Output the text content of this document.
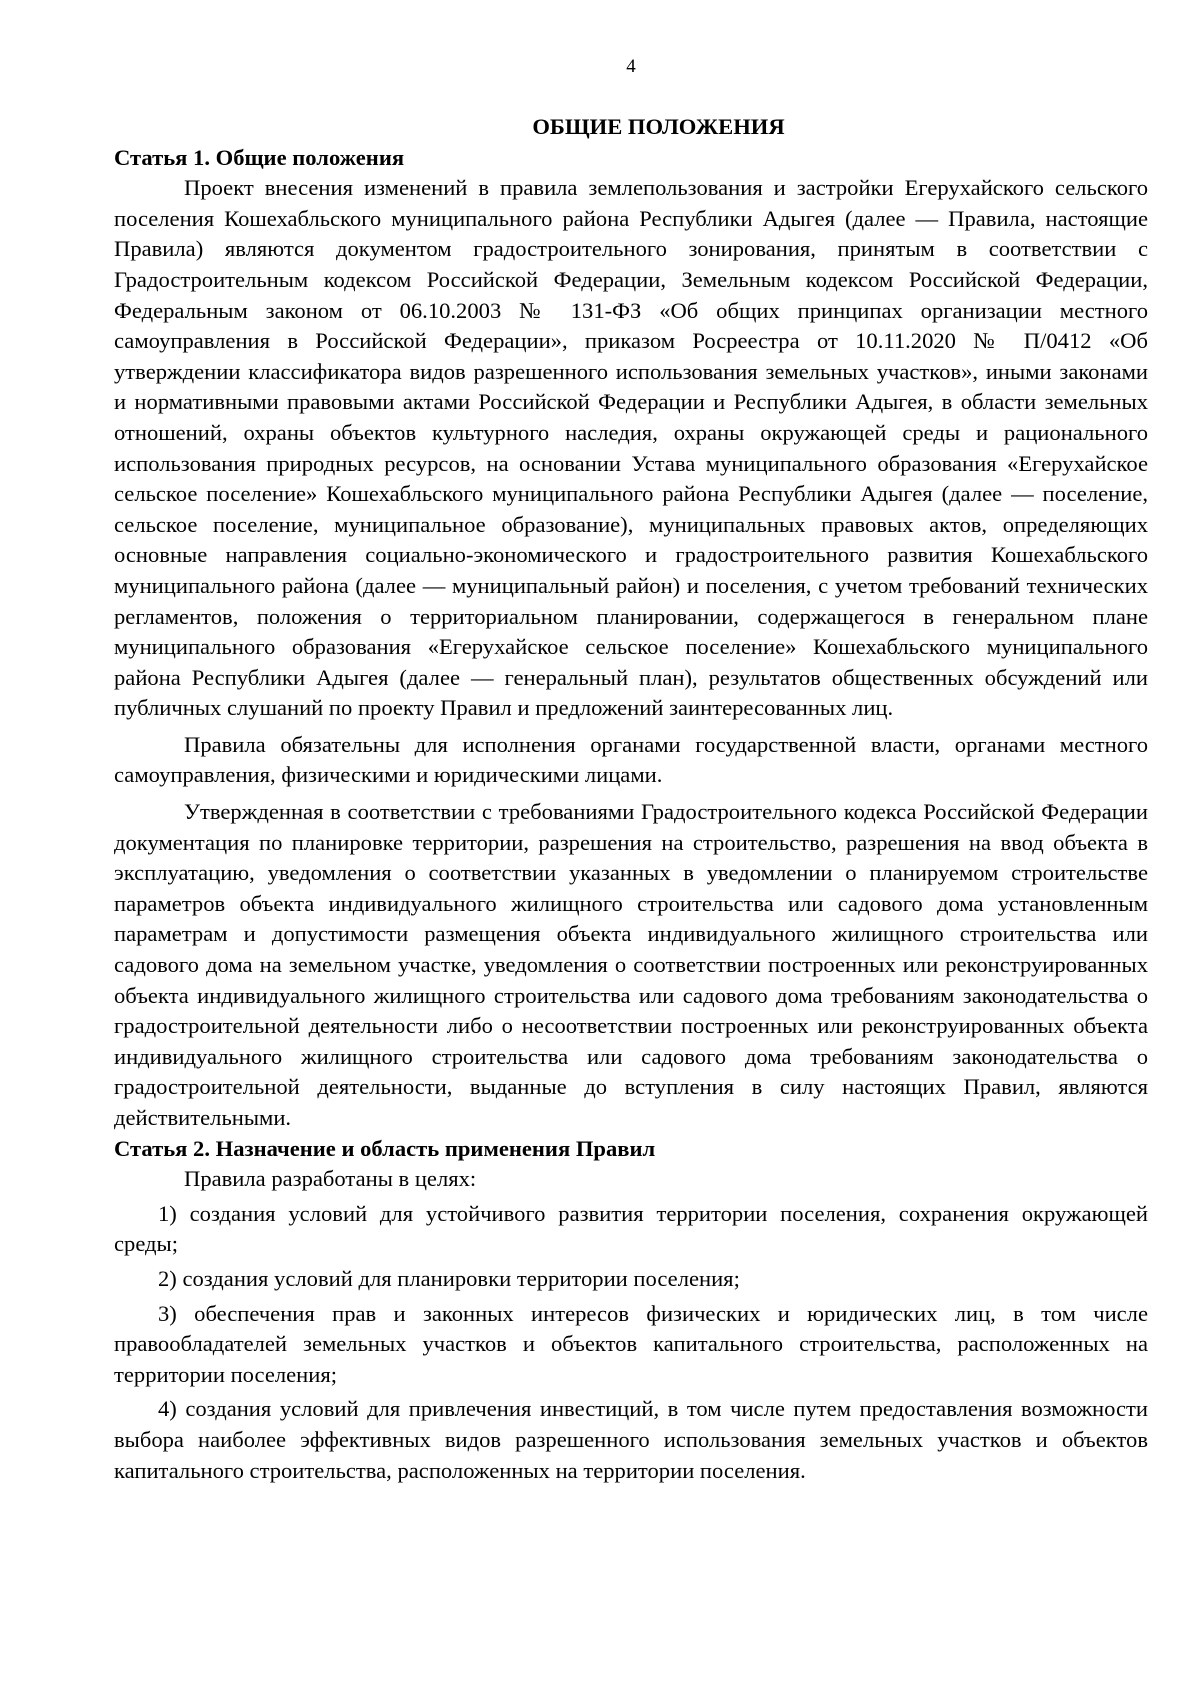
4

ОБЩИЕ ПОЛОЖЕНИЯ

Статья 1. Общие положения

Проект внесения изменений в правила землепользования и застройки Егерухайского сельского поселения Кошехабльского муниципального района Республики Адыгея (далее — Правила, настоящие Правила) являются документом градостроительного зонирования, принятым в соответствии с Градостроительным кодексом Российской Федерации, Земельным кодексом Российской Федерации, Федеральным законом от 06.10.2003 № 131-ФЗ «Об общих принципах организации местного самоуправления в Российской Федерации», приказом Росреестра от 10.11.2020 № П/0412 «Об утверждении классификатора видов разрешенного использования земельных участков», иными законами и нормативными правовыми актами Российской Федерации и Республики Адыгея, в области земельных отношений, охраны объектов культурного наследия, охраны окружающей среды и рационального использования природных ресурсов, на основании Устава муниципального образования «Егерухайское сельское поселение» Кошехабльского муниципального района Республики Адыгея (далее — поселение, сельское поселение, муниципальное образование), муниципальных правовых актов, определяющих основные направления социально-экономического и градостроительного развития Кошехабльского муниципального района (далее — муниципальный район) и поселения, с учетом требований технических регламентов, положения о территориальном планировании, содержащегося в генеральном плане муниципального образования «Егерухайское сельское поселение» Кошехабльского муниципального района Республики Адыгея (далее — генеральный план), результатов общественных обсуждений или публичных слушаний по проекту Правил и предложений заинтересованных лиц.

Правила обязательны для исполнения органами государственной власти, органами местного самоуправления, физическими и юридическими лицами.

Утвержденная в соответствии с требованиями Градостроительного кодекса Российской Федерации документация по планировке территории, разрешения на строительство, разрешения на ввод объекта в эксплуатацию, уведомления о соответствии указанных в уведомлении о планируемом строительстве параметров объекта индивидуального жилищного строительства или садового дома установленным параметрам и допустимости размещения объекта индивидуального жилищного строительства или садового дома на земельном участке, уведомления о соответствии построенных или реконструированных объекта индивидуального жилищного строительства или садового дома требованиям законодательства о градостроительной деятельности либо о несоответствии построенных или реконструированных объекта индивидуального жилищного строительства или садового дома требованиям законодательства о градостроительной деятельности, выданные до вступления в силу настоящих Правил, являются действительными.

Статья 2. Назначение и область применения Правил

Правила разработаны в целях:

1) создания условий для устойчивого развития территории поселения, сохранения окружающей среды;

2) создания условий для планировки территории поселения;

3) обеспечения прав и законных интересов физических и юридических лиц, в том числе правообладателей земельных участков и объектов капитального строительства, расположенных на территории поселения;

4) создания условий для привлечения инвестиций, в том числе путем предоставления возможности выбора наиболее эффективных видов разрешенного использования земельных участков и объектов капитального строительства, расположенных на территории поселения.
